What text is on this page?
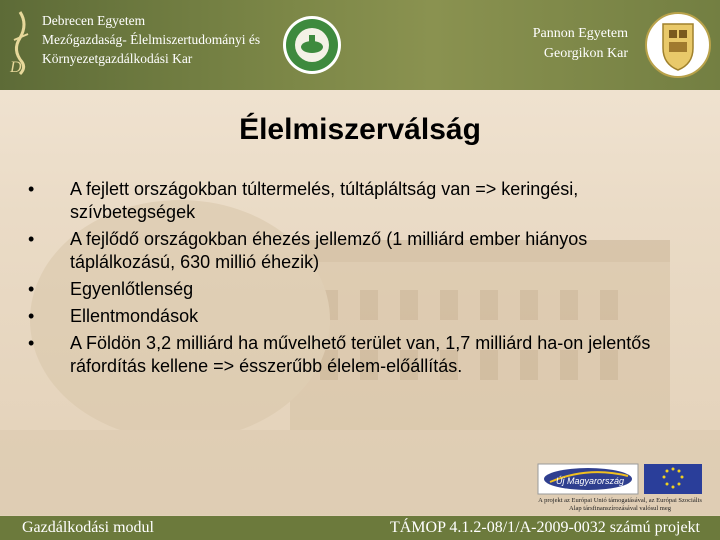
D
Debrecen Egyetem
Mezőgazdaság- Élelmiszertudományi és
Környezetgazdálkodási Kar
Pannon Egyetem
Georgikon Kar
Élelmiszerválság
• A fejlett országokban túltermelés, túltápláltság van => keringési, szívbetegségek
• A fejlődő országokban éhezés jellemző (1 milliárd ember hiányos táplálkozású, 630 millió éhezik)
• Egyenlőtlenség
• Ellentmondások
• A Földön 3,2 milliárd ha művelhető terület van, 1,7 milliárd ha-on jelentős ráfordítás kellene => ésszerűbb élelem-előállítás.
Új Magyarország
A projekt az Európai Unió támogatásával, az Európai Szociális Alap társfinanszírozásával valósul meg
Gazdálkodási modul	TÁMOP 4.1.2-08/1/A-2009-0032 számú projekt
